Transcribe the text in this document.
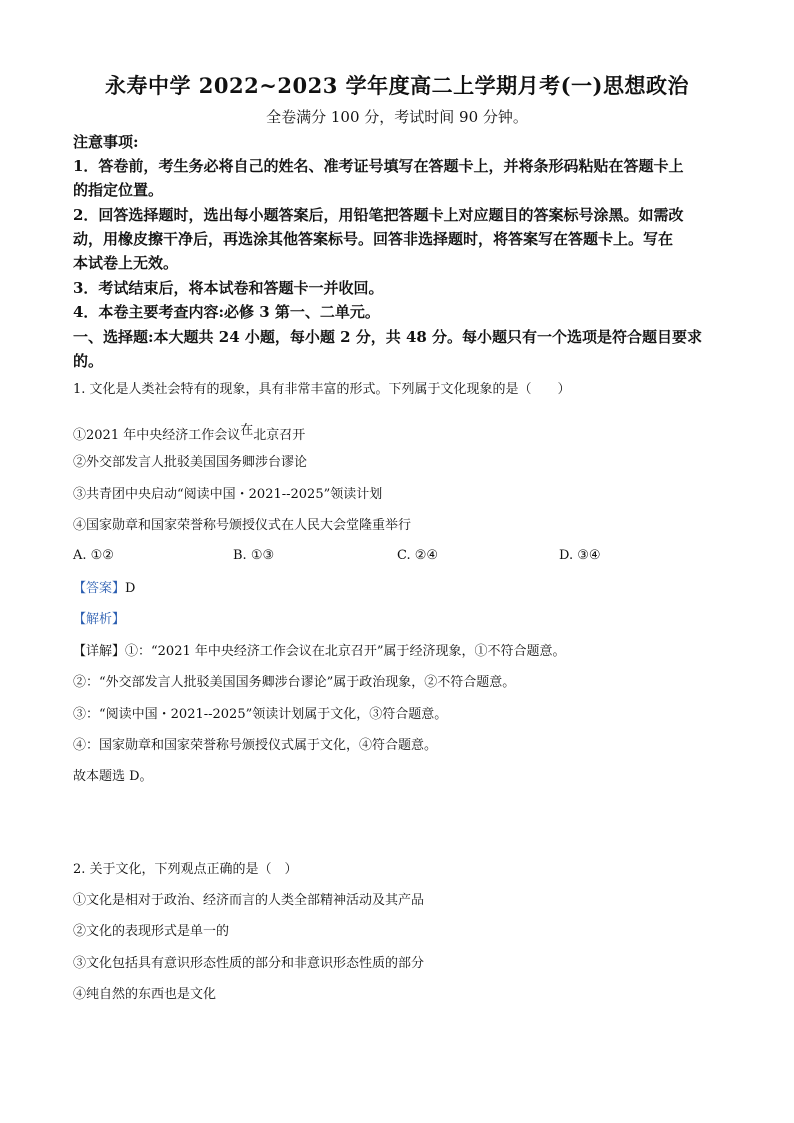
永寿中学 2022~2023 学年度高二上学期月考(一)思想政治
全卷满分 100 分，考试时间 90 分钟。
注意事项:
1．答卷前，考生务必将自己的姓名、准考证号填写在答题卡上，并将条形码粘贴在答题卡上
的指定位置。
2．回答选择题时，选出每小题答案后，用铅笔把答题卡上对应题目的答案标号涂黑。如需改
动，用橡皮擦干净后，再选涂其他答案标号。回答非选择题时，将答案写在答题卡上。写在
本试卷上无效。
3．考试结束后，将本试卷和答题卡一并收回。
4．本卷主要考查内容:必修 3 第一、二单元。
一、选择题:本大题共 24 小题，每小题 2 分，共 48 分。每小题只有一个选项是符合题目要求
的。
1. 文化是人类社会特有的现象，具有非常丰富的形式。下列属于文化现象的是（　　）
①2021 年中央经济工作会议在北京召开
②外交部发言人批驳美国国务卿涉台谬论
③共青团中央启动“阅读中国・2021--2025”领读计划
④国家勋章和国家荣誉称号颁授仪式在人民大会堂隆重举行
A. ①②	B. ①③	C. ②④	D. ③④
【答案】D
【解析】
【详解】①：“2021 年中央经济工作会议在北京召开”属于经济现象，①不符合题意。
②：“外交部发言人批驳美国国务卿涉台谬论”属于政治现象，②不符合题意。
③：“阅读中国・2021--2025”领读计划属于文化，③符合题意。
④：国家勋章和国家荣誉称号颁授仪式属于文化，④符合题意。
故本题选 D。
2. 关于文化，下列观点正确的是（　）
①文化是相对于政治、经济而言的人类全部精神活动及其产品
②文化的表现形式是单一的
③文化包括具有意识形态性质的部分和非意识形态性质的部分
④纯自然的东西也是文化
